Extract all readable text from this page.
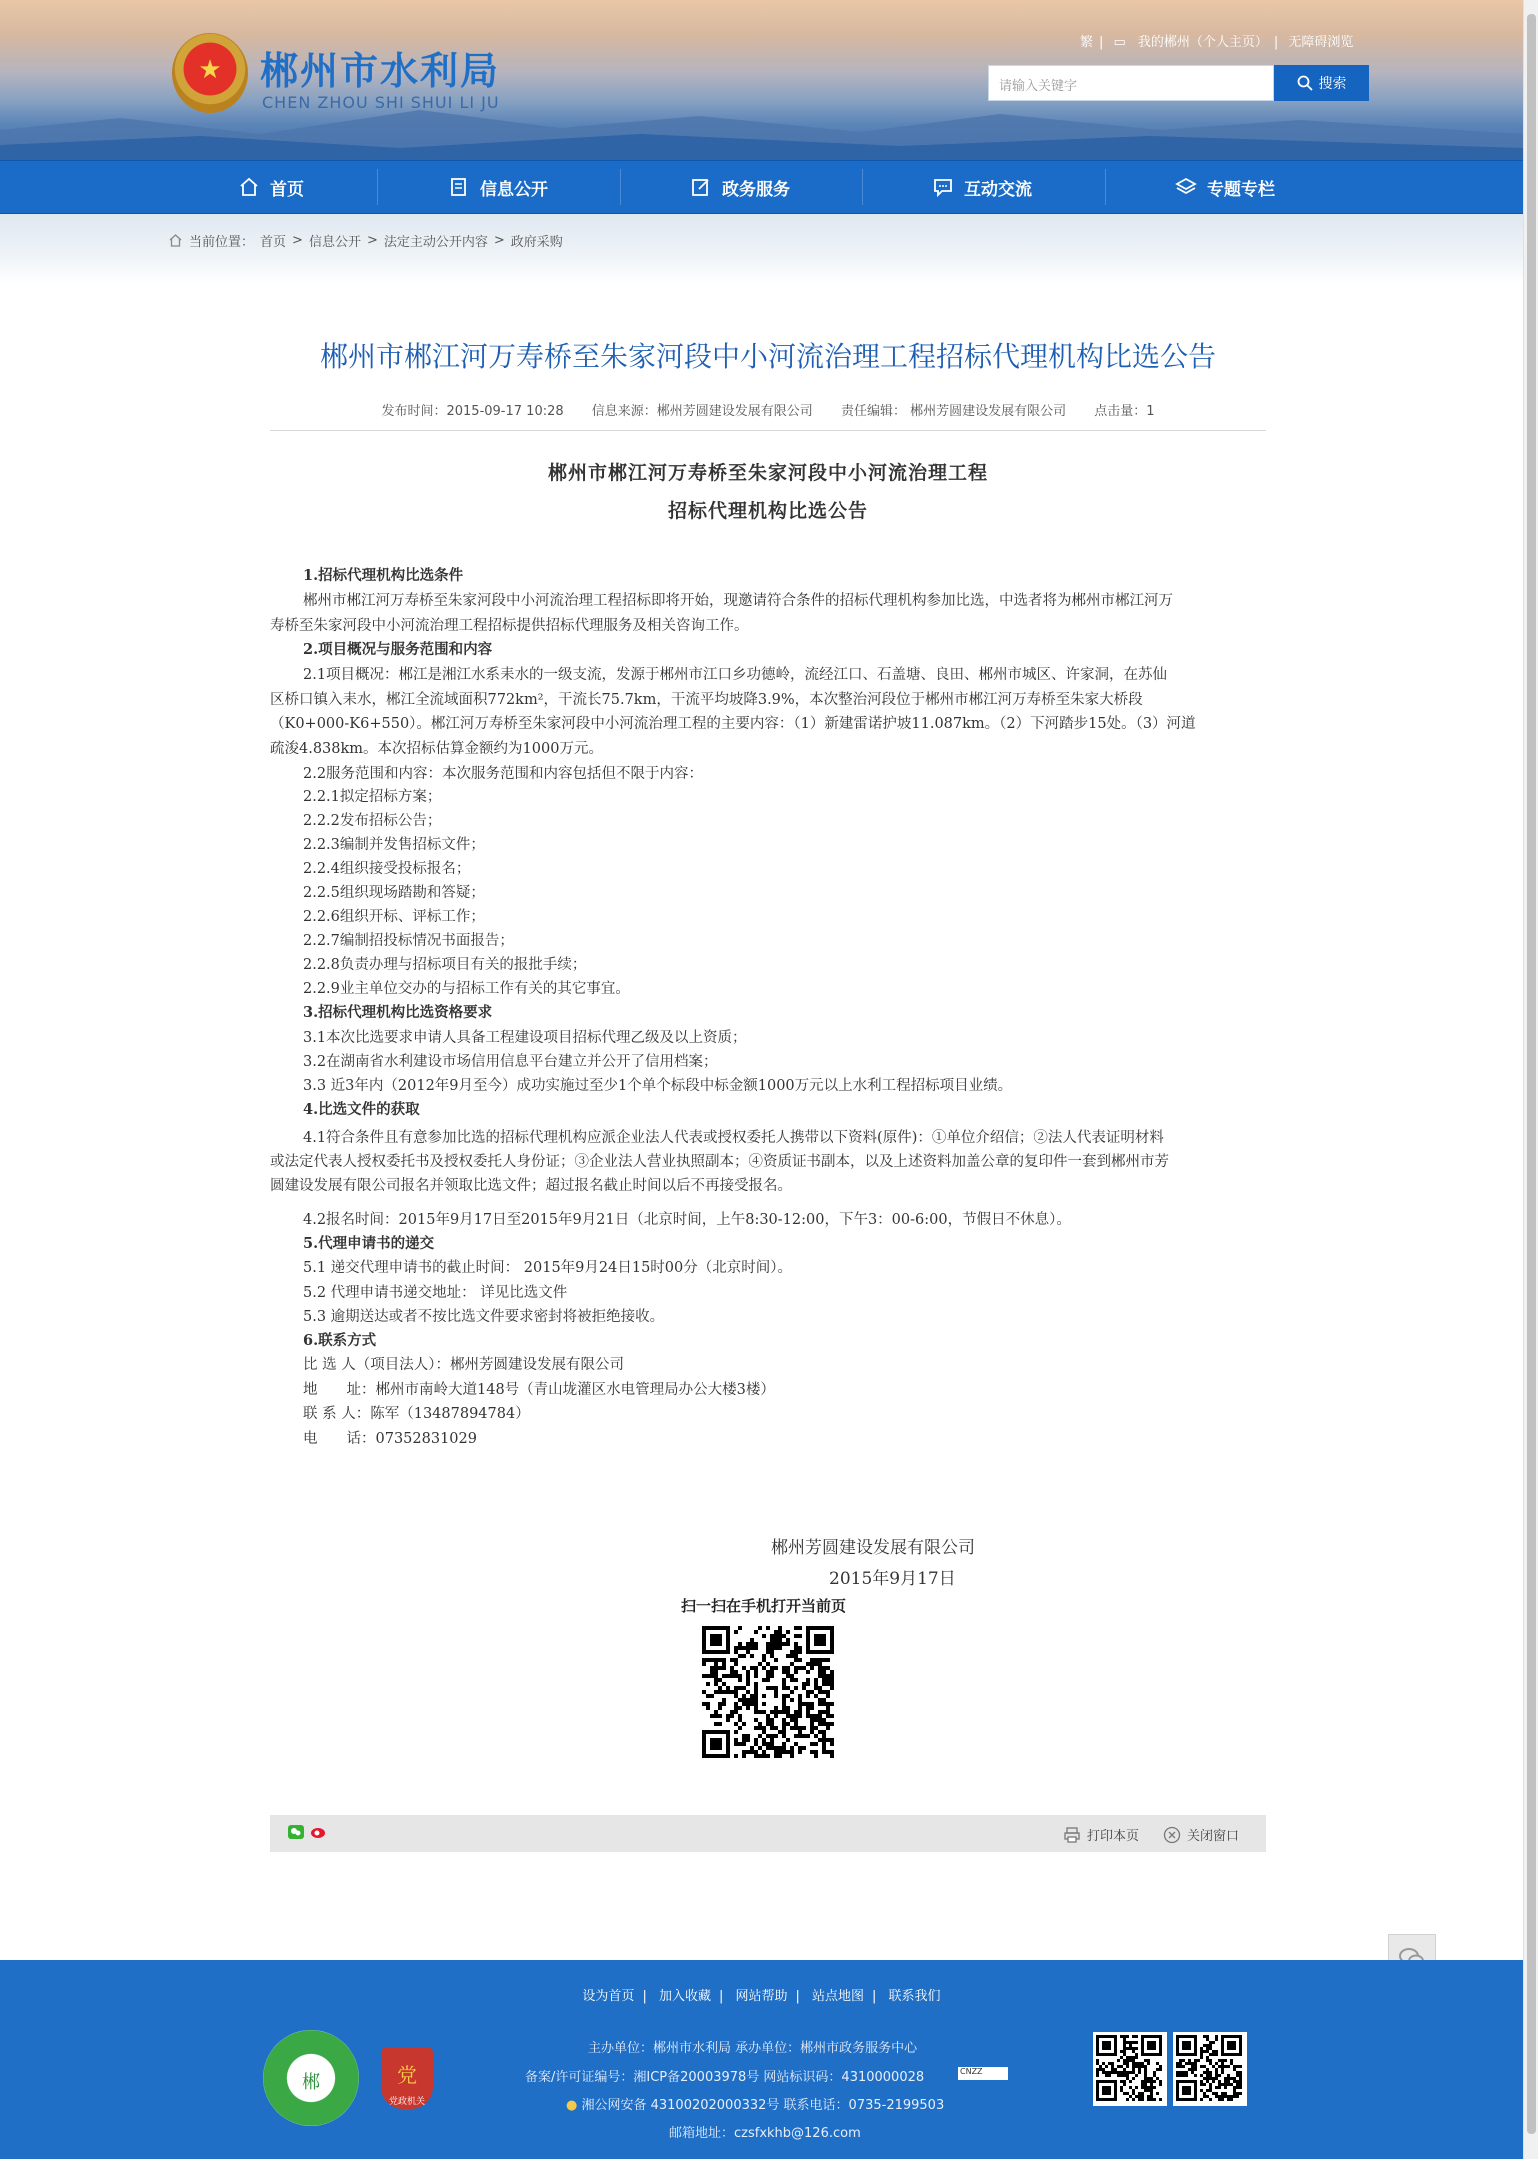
★	郴州市水利局
CHEN ZHOU SHI SHUI LI JU
繁 | ▭ 我的郴州（个人主页） | 无障碍浏览
请输入关键字	搜索
首页	信息公开	政务服务	互动交流	专题专栏
当前位置： 首页 > 信息公开 > 法定主动公开内容 > 政府采购
郴州市郴江河万寿桥至朱家河段中小河流治理工程招标代理机构比选公告
发布时间：2015-09-17 10:28 信息来源：郴州芳圆建设发展有限公司 责任编辑： 郴州芳圆建设发展有限公司 点击量：1
郴州市郴江河万寿桥至朱家河段中小河流治理工程
招标代理机构比选公告
1.招标代理机构比选条件
郴州市郴江河万寿桥至朱家河段中小河流治理工程招标即将开始，现邀请符合条件的招标代理机构参加比选，中选者将为郴州市郴江河万
寿桥至朱家河段中小河流治理工程招标提供招标代理服务及相关咨询工作。
2.项目概况与服务范围和内容
2.1项目概况：郴江是湘江水系耒水的一级支流，发源于郴州市江口乡功德岭，流经江口、石盖塘、良田、郴州市城区、许家洞，在苏仙
区桥口镇入耒水，郴江全流域面积772km²，干流长75.7km，干流平均坡降3.9%，本次整治河段位于郴州市郴江河万寿桥至朱家大桥段
（K0+000-K6+550）。郴江河万寿桥至朱家河段中小河流治理工程的主要内容：（1）新建雷诺护坡11.087km。（2）下河踏步15处。（3）河道
疏浚4.838km。本次招标估算金额约为1000万元。
2.2服务范围和内容：本次服务范围和内容包括但不限于内容：
2.2.1拟定招标方案；
2.2.2发布招标公告；
2.2.3编制并发售招标文件；
2.2.4组织接受投标报名；
2.2.5组织现场踏勘和答疑；
2.2.6组织开标、评标工作；
2.2.7编制招投标情况书面报告；
2.2.8负责办理与招标项目有关的报批手续；
2.2.9业主单位交办的与招标工作有关的其它事宜。
3.招标代理机构比选资格要求
3.1本次比选要求申请人具备工程建设项目招标代理乙级及以上资质；
3.2在湖南省水利建设市场信用信息平台建立并公开了信用档案；
3.3 近3年内（2012年9月至今）成功实施过至少1个单个标段中标金额1000万元以上水利工程招标项目业绩。
4.比选文件的获取
4.1符合条件且有意参加比选的招标代理机构应派企业法人代表或授权委托人携带以下资料(原件)：①单位介绍信；②法人代表证明材料
或法定代表人授权委托书及授权委托人身份证；③企业法人营业执照副本；④资质证书副本，以及上述资料加盖公章的复印件一套到郴州市芳
圆建设发展有限公司报名并领取比选文件；超过报名截止时间以后不再接受报名。
4.2报名时间：2015年9月17日至2015年9月21日（北京时间，上午8:30-12:00，下午3：00-6:00，节假日不休息）。
5.代理申请书的递交
5.1 递交代理申请书的截止时间： 2015年9月24日15时00分（北京时间）。
5.2 代理申请书递交地址： 详见比选文件
5.3 逾期送达或者不按比选文件要求密封将被拒绝接收。
6.联系方式
比 选 人（项目法人）：郴州芳圆建设发展有限公司
地　　址：郴州市南岭大道148号（青山垅灌区水电管理局办公大楼3楼）
联 系 人：陈军（13487894784）
电　　话：07352831029
郴州芳圆建设发展有限公司
2015年9月17日
扫一扫在手机打开当前页
打印本页	关闭窗口
设为首页 | 加入收藏 | 网站帮助 | 站点地图 | 联系我们
主办单位：郴州市水利局 承办单位：郴州市政务服务中心
备案/许可证编号：湘ICP备20003978号 网站标识码：4310000028	CNZZ
● 湘公网安备 43100202000332号 联系电话：0735-2199503
邮箱地址：czsfxkhb@126.com
郴	党
党政机关
